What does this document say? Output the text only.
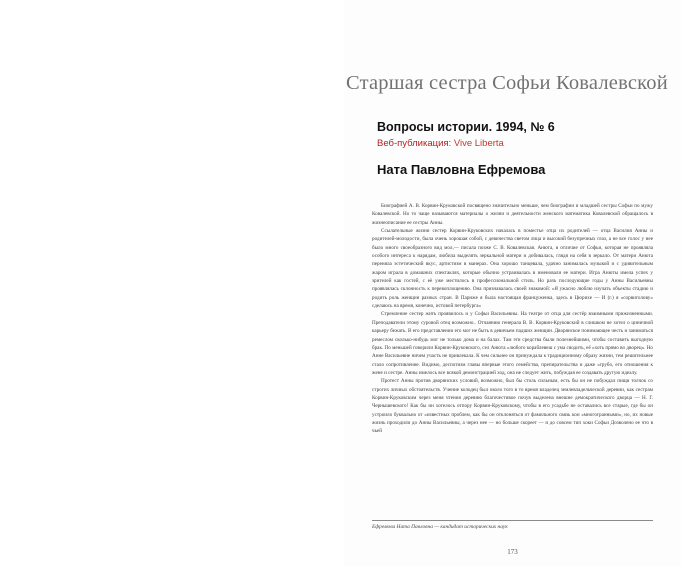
Старшая сестра Софьи Ковалевской
Вопросы истории. 1994, № 6
Веб-публикация: Vive Liberta
Ната Павловна Ефремова

Биографией А. В. Корвин-Круковской посвящено значительно меньше, чем биографии и младшей сестры Софьи по мужу Ковалевской. Но то чаще называются материалы о жизни и деятельности женского математика Ковалевской обращалось в жизнеописание ее сестры Анны.

Ссылательные жизни сестер Корвин-Круковских началась в поместье отца их родителей — отца Василия Анны и родителей-молодости, была очень хорошая собой, с девичества светом лица и высокий безупречных глаз, а не все голос у нее было много своеобразного вид мол,— писала позже С. В. Ковалевская. Анюта, в отличие от Софьи, которая не проявляла особого интереса к нарядам, любила выделять зеркальной матери и добивалась, глядя на себя в зеркало. От матери Анюта переняла эстетический вкус, артистизм в манерах. Она хорошо танцевала, удачно занималась музыкой и с удивительным жаром играла в домашних спектаклях, которые обычно устраивалась в именовали ее матери. Игра Анюты имела успех у зрителей как гостей, с её уже местилось в профессиональной стиль. Но разъ последующие годы у Анны Васильевны проявлялась склонность к перевоплощению. Она признавалась своей знакомой: «Я ужасно люблю изучать объекты стадию и родить роль женщин разных стран. В Париже я была настоящая француженка, здесь в Цюрихе — И (г.) я «сорвиголову» сделаюсь на время, конечно, истовой петербурга»

Стремление сестер жить проявилось и у Софьи Васильевны. На театре от отца для сестёр взаимными прижизненными. Преподаватели этому суровой отец возможно.. Отчаянию генерала В. В. Корвин-Круковский в слишком не хотел о циничной карьеру бежать. В его представлении его мог не быть в девичьем падших женщин. Дворянское понимающее честь и заниматься ремеслом сколько-нибудь мог не только дома и на балах. Там эти средства были полезнейшими, чтобы составить выгодную брак. По меньшей говорили Корвин-Круковского, сел Анюта «любого кораблевеш с ума сводить, её «хоть прямо во дворец». Но Анне Васильевне ничем участь не привлекала. К чем сильнее он принуждала к традиционному образу жизни, тем решительнее стало сопротивление. Видимо, деспотизм главы впервые этого семейства, препирательства и даже «грубо, его отношения к жене и сестре. Анны имелось все всякой демонстрацией ход, она не следует жить, побуждая ее создавать другую идеалу.

Протест Анны против дворянских условий, возможно, был бы столь сильным, есть бы он не побуждал пищи толчок со строгих личных обстоятельств. Учение колодец был около того в то время владелец землевладельческой деревни, как сестрам Корвин-Круковским через меня чтения деревню благочестивое почув выделена внешне демократического дворца — Н. Г. Чернышевского! Как бы ни хотелось отпору Корвин-Круковскому, чтобы в его усадьбе не оставались все старые, где бы он устроило буквально от «известных проблем, как бы он отклоняться от фамильного связь кои «многогранными», но, их новые жизнь проходили до Анны Васильевны, а через нее — но больше скореет — и до совсем тип хоки Софьи Дозволено ее что в чьей

Ефремова Ната Павловна — кандидат исторических наук
173
